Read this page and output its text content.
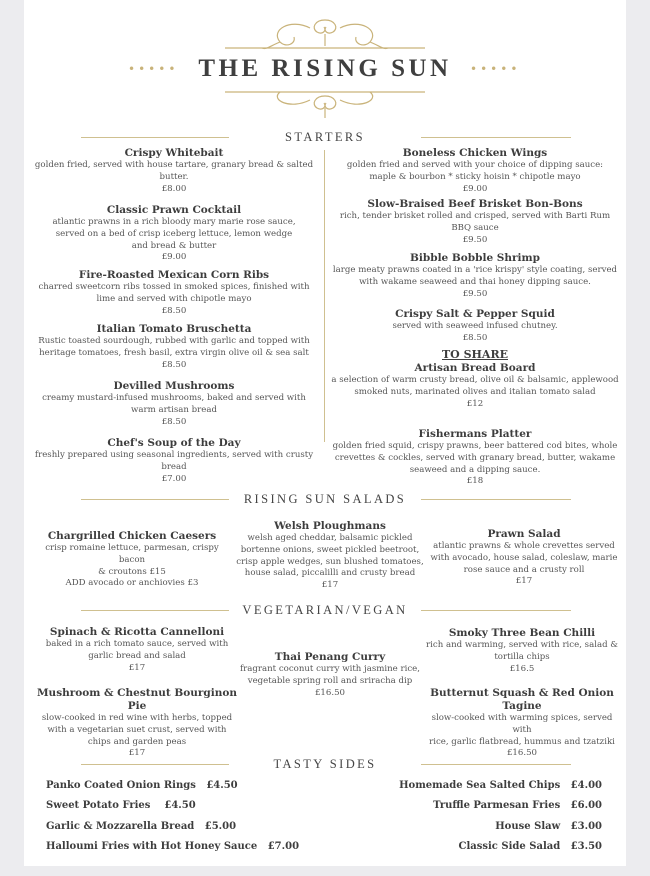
•••••	•••••
THE RISING SUN
STARTERS
Crispy Whitebait
golden fried, served with house tartare, granary bread & salted
butter.
£8.00
Classic Prawn Cocktail
atlantic prawns in a rich bloody mary marie rose sauce,
served on a bed of crisp iceberg lettuce, lemon wedge
and bread & butter
£9.00
Fire-Roasted Mexican Corn Ribs
charred sweetcorn ribs tossed in smoked spices, finished with
lime and served with chipotle mayo
£8.50
Italian Tomato Bruschetta
Rustic toasted sourdough, rubbed with garlic and topped with
heritage tomatoes, fresh basil, extra virgin olive oil & sea salt
£8.50
Devilled Mushrooms
creamy mustard-infused mushrooms, baked and served with
warm artisan bread
£8.50
Chef's Soup of the Day
freshly prepared using seasonal ingredients, served with crusty
bread
£7.00
Boneless Chicken Wings
golden fried and served with your choice of dipping sauce:
maple & bourbon * sticky hoisin * chipotle mayo
£9.00
Slow-Braised Beef Brisket Bon-Bons
rich, tender brisket rolled and crisped, served with Barti Rum
BBQ sauce
£9.50
Bibble Bobble Shrimp
large meaty prawns coated in a 'rice krispy' style coating, served
with wakame seaweed and thai honey dipping sauce.
£9.50
Crispy Salt & Pepper Squid
served with seaweed infused chutney.
£8.50
TO SHARE
Artisan Bread Board
a selection of warm crusty bread, olive oil & balsamic, applewood
smoked nuts, marinated olives and italian tomato salad
£12
Fishermans Platter
golden fried squid, crispy prawns, beer battered cod bites, whole
crevettes & cockles, served with granary bread, butter, wakame
seaweed and a dipping sauce.
£18
RISING SUN SALADS
Chargrilled Chicken Caesers
crisp romaine lettuce, parmesan, crispy bacon
& croutons £15
ADD avocado or anchiovies £3
Welsh Ploughmans
welsh aged cheddar, balsamic pickled
bortenne onions, sweet pickled beetroot,
crisp apple wedges, sun blushed tomatoes,
house salad, piccalilli and crusty bread
£17
Prawn Salad
atlantic prawns & whole crevettes served
with avocado, house salad, coleslaw, marie
rose sauce and a crusty roll
£17
VEGETARIAN/VEGAN
Spinach & Ricotta Cannelloni
baked in a rich tomato sauce, served with
garlic bread and salad
£17
Mushroom & Chestnut Bourginon Pie
slow-cooked in red wine with herbs, topped
with a vegetarian suet crust, served with
chips and garden peas
£17
Thai Penang Curry
fragrant coconut curry with jasmine rice,
vegetable spring roll and sriracha dip
£16.50
Smoky Three Bean Chilli
rich and warming, served with rice, salad &
tortilla chips
£16.5
Butternut Squash & Red Onion Tagine
slow-cooked with warming spices, served with
rice, garlic flatbread, hummus and tzatziki
£16.50
TASTY SIDES
Panko Coated Onion Rings £4.50
Sweet Potato Fries £4.50
Garlic & Mozzarella Bread £5.00
Halloumi Fries with Hot Honey Sauce £7.00
Homemade Sea Salted Chips £4.00
Truffle Parmesan Fries £6.00
House Slaw £3.00
Classic Side Salad £3.50
